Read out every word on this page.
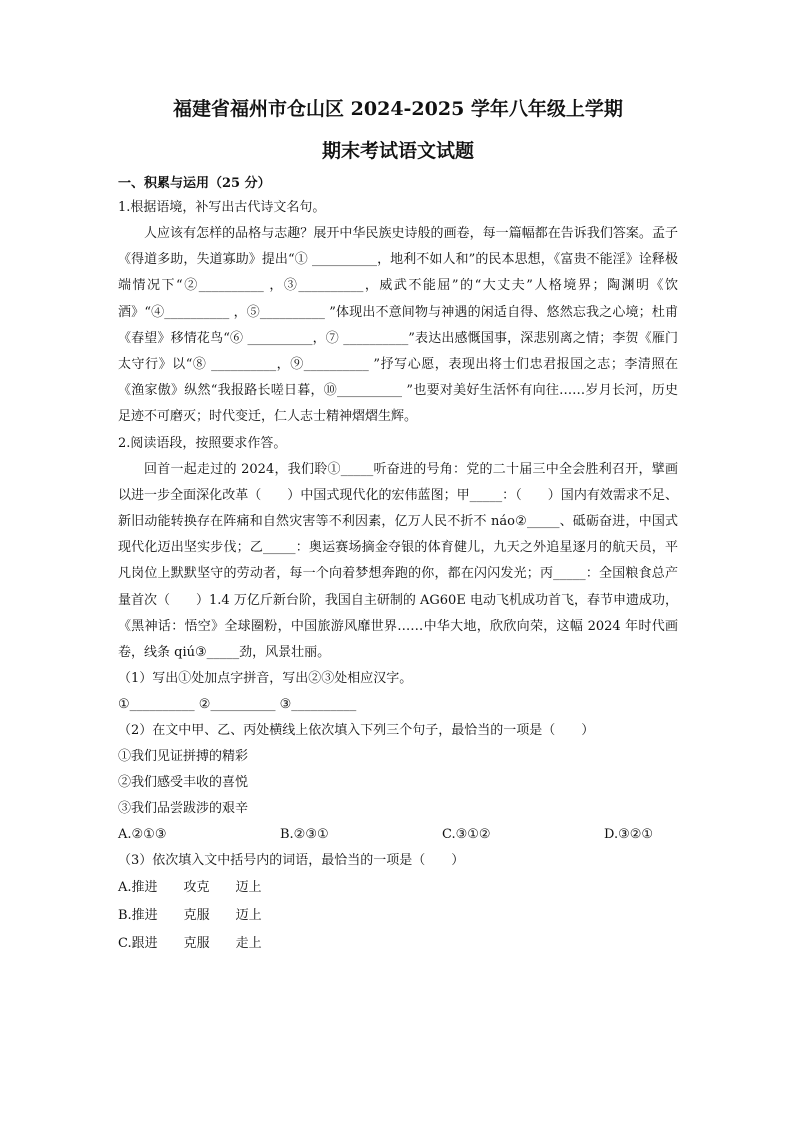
福建省福州市仓山区 2024-2025 学年八年级上学期

期末考试语文试题

一、积累与运用（25 分）

1.根据语境，补写出古代诗文名句。

人应该有怎样的品格与志趣？展开中华民族史诗般的画卷，每一篇幅都在告诉我们答案。孟子《得道多助，失道寡助》提出“① __________，地利不如人和”的民本思想，《富贵不能淫》诠释极端情况下“②__________ ，③__________，威武不能屈”的“大丈夫”人格境界；陶渊明《饮酒》“④__________ ，⑤__________ ”体现出不意间物与神遇的闲适自得、悠然忘我之心境；杜甫《春望》移情花鸟“⑥ __________，⑦ __________”表达出感慨国事，深悲别离之情；李贺《雁门太守行》以“⑧ __________，⑨__________ ”抒写心愿，表现出将士们忠君报国之志；李清照在《渔家傲》纵然“我报路长嗟日暮，⑩__________ ”也要对美好生活怀有向往……岁月长河，历史足迹不可磨灭；时代变迁，仁人志士精神熠熠生辉。

2.阅读语段，按照要求作答。

回首一起走过的 2024，我们聆①_____听奋进的号角：党的二十届三中全会胜利召开，擘画以进一步全面深化改革（　　）中国式现代化的宏伟蓝图；甲_____：（　　）国内有效需求不足、新旧动能转换存在阵痛和自然灾害等不利因素，亿万人民不折不 náo②_____、砥砺奋进，中国式现代化迈出坚实步伐；乙_____：奥运赛场摘金夺银的体育健儿，九天之外追星逐月的航天员，平凡岗位上默默坚守的劳动者，每一个向着梦想奔跑的你，都在闪闪发光；丙_____：全国粮食总产量首次（　　）1.4 万亿斤新台阶，我国自主研制的 AG60E 电动飞机成功首飞，春节申遗成功，《黑神话：悟空》全球圈粉，中国旅游风靡世界……中华大地，欣欣向荣，这幅 2024 年时代画卷，线条 qiú③_____劲，风景壮丽。

（1）写出①处加点字拼音，写出②③处相应汉字。

①__________ ②__________ ③__________

（2）在文中甲、乙、丙处横线上依次填入下列三个句子，最恰当的一项是（　　）

①我们见证拼搏的精彩

②我们感受丰收的喜悦

③我们品尝跋涉的艰辛

A.②①③	B.②③①	C.③①②	D.③②①

（3）依次填入文中括号内的词语，最恰当的一项是（　　）

A.推进　　攻克　　迈上

B.推进　　克服　　迈上

C.跟进　　克服　　走上
